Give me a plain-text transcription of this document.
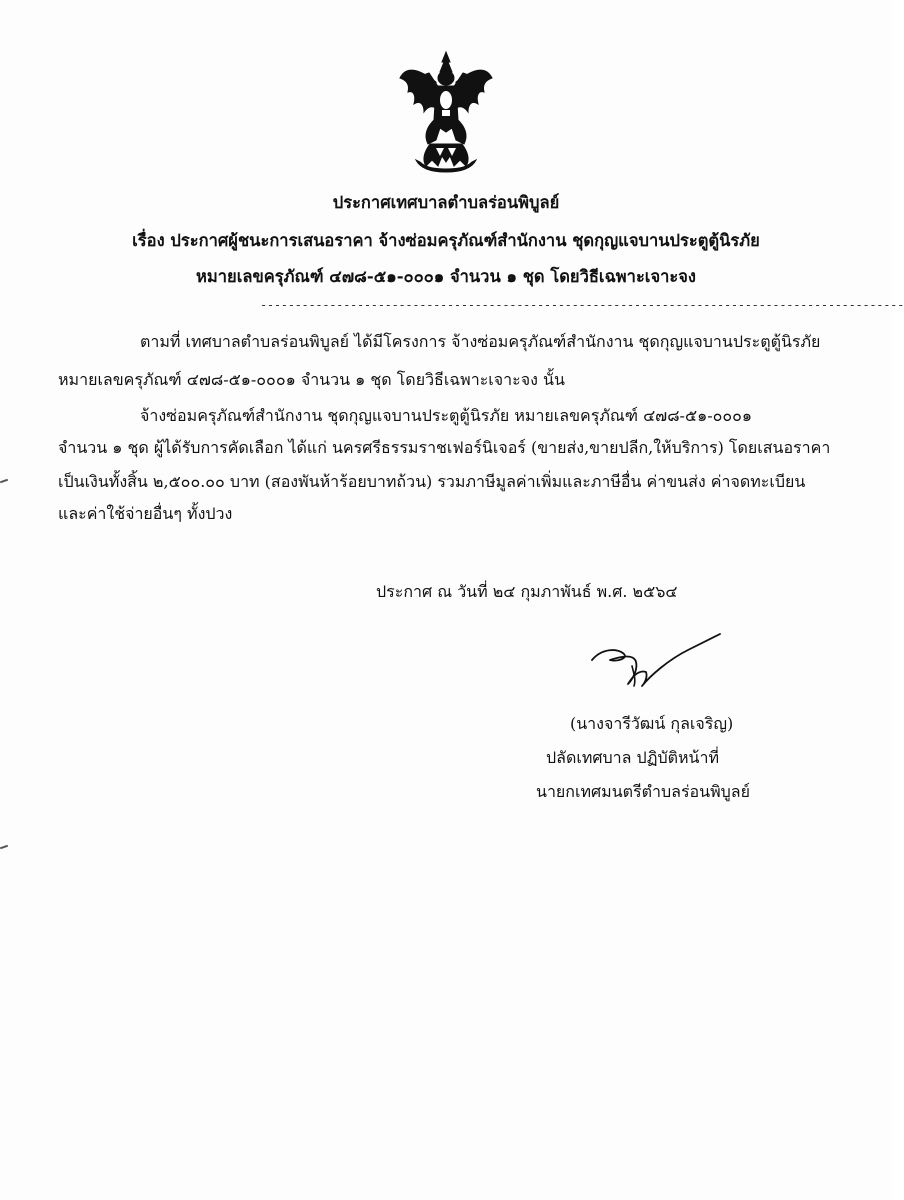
ประกาศเทศบาลตำบลร่อนพิบูลย์
เรื่อง ประกาศผู้ชนะการเสนอราคา จ้างซ่อมครุภัณฑ์สำนักงาน ชุดกุญแจบานประตูตู้นิรภัย
หมายเลขครุภัณฑ์ ๔๗๘-๕๑-๐๐๐๑ จำนวน ๑ ชุด โดยวิธีเฉพาะเจาะจง
---------------------------------------------------------------------------------------------
ตามที่ เทศบาลตำบลร่อนพิบูลย์ ได้มีโครงการ จ้างซ่อมครุภัณฑ์สำนักงาน ชุดกุญแจบานประตูตู้นิรภัย
หมายเลขครุภัณฑ์ ๔๗๘-๕๑-๐๐๐๑ จำนวน ๑ ชุด โดยวิธีเฉพาะเจาะจง นั้น
จ้างซ่อมครุภัณฑ์สำนักงาน ชุดกุญแจบานประตูตู้นิรภัย หมายเลขครุภัณฑ์ ๔๗๘-๕๑-๐๐๐๑
จำนวน ๑ ชุด ผู้ได้รับการคัดเลือก ได้แก่ นครศรีธรรมราชเฟอร์นิเจอร์ (ขายส่ง,ขายปลีก,ให้บริการ) โดยเสนอราคา
เป็นเงินทั้งสิ้น ๒,๕๐๐.๐๐ บาท (สองพันห้าร้อยบาทถ้วน) รวมภาษีมูลค่าเพิ่มและภาษีอื่น ค่าขนส่ง ค่าจดทะเบียน
และค่าใช้จ่ายอื่นๆ ทั้งปวง
ประกาศ ณ วันที่ ๒๔ กุมภาพันธ์ พ.ศ. ๒๕๖๔
(นางจารีวัฒน์ กุลเจริญ)
ปลัดเทศบาล ปฏิบัติหน้าที่
นายกเทศมนตรีตำบลร่อนพิบูลย์
